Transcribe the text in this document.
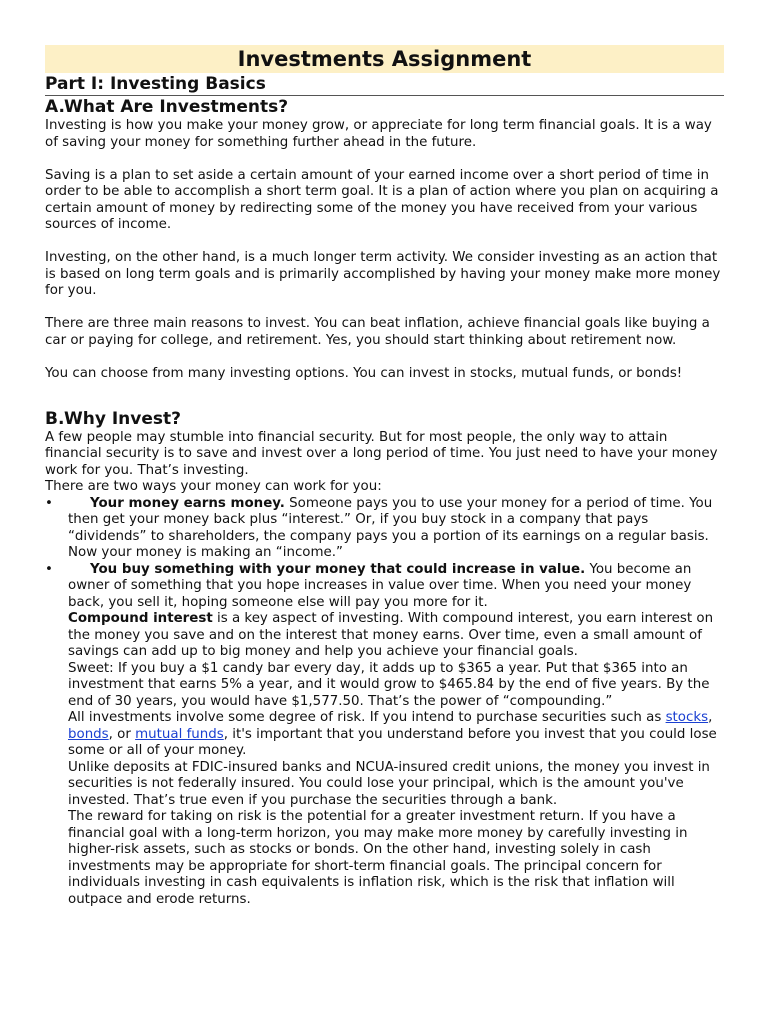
Investments Assignment
Part I: Investing Basics
A.What Are Investments?

Investing is how you make your money grow, or appreciate for long term financial goals. It is a way of saving your money for something further ahead in the future.

Saving is a plan to set aside a certain amount of your earned income over a short period of time in order to be able to accomplish a short term goal. It is a plan of action where you plan on acquiring a certain amount of money by redirecting some of the money you have received from your various sources of income.

Investing, on the other hand, is a much longer term activity. We consider investing as an action that is based on long term goals and is primarily accomplished by having your money make more money for you.

There are three main reasons to invest. You can beat inflation, achieve financial goals like buying a car or paying for college, and retirement. Yes, you should start thinking about retirement now.

You can choose from many investing options. You can invest in stocks, mutual funds, or bonds!

B.Why Invest?

A few people may stumble into financial security. But for most people, the only way to attain financial security is to save and invest over a long period of time. You just need to have your money work for you. That’s investing.

There are two ways your money can work for you:

•	Your money earns money. Someone pays you to use your money for a period of time. You then get your money back plus “interest.” Or, if you buy stock in a company that pays “dividends” to shareholders, the company pays you a portion of its earnings on a regular basis. Now your money is making an “income.”
•	You buy something with your money that could increase in value. You become an owner of something that you hope increases in value over time. When you need your money back, you sell it, hoping someone else will pay you more for it.
Compound interest is a key aspect of investing. With compound interest, you earn interest on the money you save and on the interest that money earns. Over time, even a small amount of savings can add up to big money and help you achieve your financial goals.
Sweet: If you buy a $1 candy bar every day, it adds up to $365 a year. Put that $365 into an investment that earns 5% a year, and it would grow to $465.84 by the end of five years. By the end of 30 years, you would have $1,577.50. That’s the power of “compounding.”
All investments involve some degree of risk. If you intend to purchase securities such as stocks, bonds, or mutual funds, it's important that you understand before you invest that you could lose some or all of your money.
Unlike deposits at FDIC-insured banks and NCUA-insured credit unions, the money you invest in securities is not federally insured. You could lose your principal, which is the amount you've invested. That’s true even if you purchase the securities through a bank.
The reward for taking on risk is the potential for a greater investment return. If you have a financial goal with a long-term horizon, you may make more money by carefully investing in higher-risk assets, such as stocks or bonds. On the other hand, investing solely in cash investments may be appropriate for short-term financial goals. The principal concern for individuals investing in cash equivalents is inflation risk, which is the risk that inflation will outpace and erode returns.
